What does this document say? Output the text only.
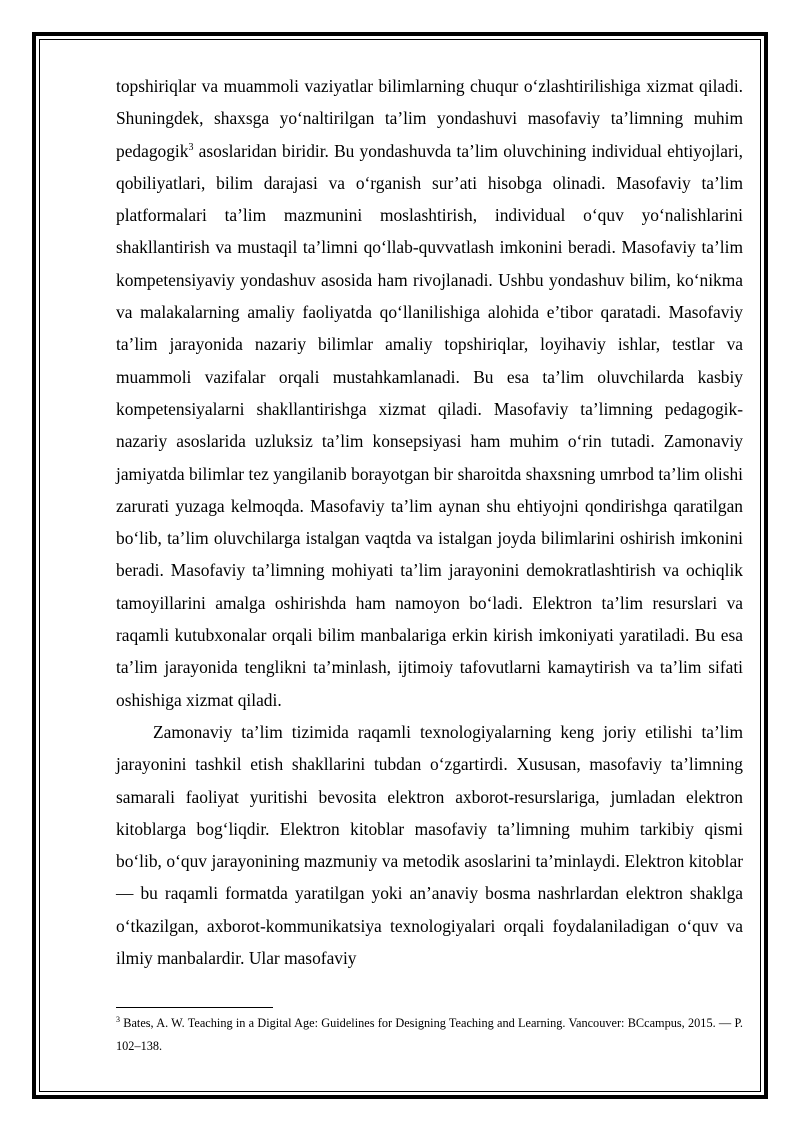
topshiriqlar va muammoli vaziyatlar bilimlarning chuqur o‘zlashtirilishiga xizmat qiladi. Shuningdek, shaxsga yo‘naltirilgan ta’lim yondashuvi masofaviy ta’limning muhim pedagogik$^3$ asoslaridan biridir. Bu yondashuvda ta’lim oluvchining individual ehtiyojlari, qobiliyatlari, bilim darajasi va o‘rganish sur’ati hisobga olinadi. Masofaviy ta’lim platformalari ta’lim mazmunini moslashtirish, individual o‘quv yo‘nalishlarini shakllantirish va mustaqil ta’limni qo‘llab-quvvatlash imkonini beradi. Masofaviy ta’lim kompetensiyaviy yondashuv asosida ham rivojlanadi. Ushbu yondashuv bilim, ko‘nikma va malakalarning amaliy faoliyatda qo‘llanilishiga alohida e’tibor qaratadi. Masofaviy ta’lim jarayonida nazariy bilimlar amaliy topshiriqlar, loyihaviy ishlar, testlar va muammoli vazifalar orqali mustahkamlanadi. Bu esa ta’lim oluvchilarda kasbiy kompetensiyalarni shakllantirishga xizmat qiladi. Masofaviy ta’limning pedagogik-nazariy asoslarida uzluksiz ta’lim konsepsiyasi ham muhim o‘rin tutadi. Zamonaviy jamiyatda bilimlar tez yangilanib borayotgan bir sharoitda shaxsning umrbod ta’lim olishi zarurati yuzaga kelmoqda. Masofaviy ta’lim aynan shu ehtiyojni qondirishga qaratilgan bo‘lib, ta’lim oluvchilarga istalgan vaqtda va istalgan joyda bilimlarini oshirish imkonini beradi. Masofaviy ta’limning mohiyati ta’lim jarayonini demokratlashtirish va ochiqlik tamoyillarini amalga oshirishda ham namoyon bo‘ladi. Elektron ta’lim resurslari va raqamli kutubxonalar orqali bilim manbalariga erkin kirish imkoniyati yaratiladi. Bu esa ta’lim jarayonida tenglikni ta’minlash, ijtimoiy tafovutlarni kamaytirish va ta’lim sifati oshishiga xizmat qiladi.

Zamonaviy ta’lim tizimida raqamli texnologiyalarning keng joriy etilishi ta’lim jarayonini tashkil etish shakllarini tubdan o‘zgartirdi. Xususan, masofaviy ta’limning samarali faoliyat yuritishi bevosita elektron axborot-resurslariga, jumladan elektron kitoblarga bog‘liqdir. Elektron kitoblar masofaviy ta’limning muhim tarkibiy qismi bo‘lib, o‘quv jarayonining mazmuniy va metodik asoslarini ta’minlaydi. Elektron kitoblar — bu raqamli formatda yaratilgan yoki an’anaviy bosma nashrlardan elektron shaklga o‘tkazilgan, axborot-kommunikatsiya texnologiyalari orqali foydalaniladigan o‘quv va ilmiy manbalardir. Ular masofaviy

$^3$ Bates, A. W. Teaching in a Digital Age: Guidelines for Designing Teaching and Learning. Vancouver: BCcampus, 2015. — P. 102–138.
